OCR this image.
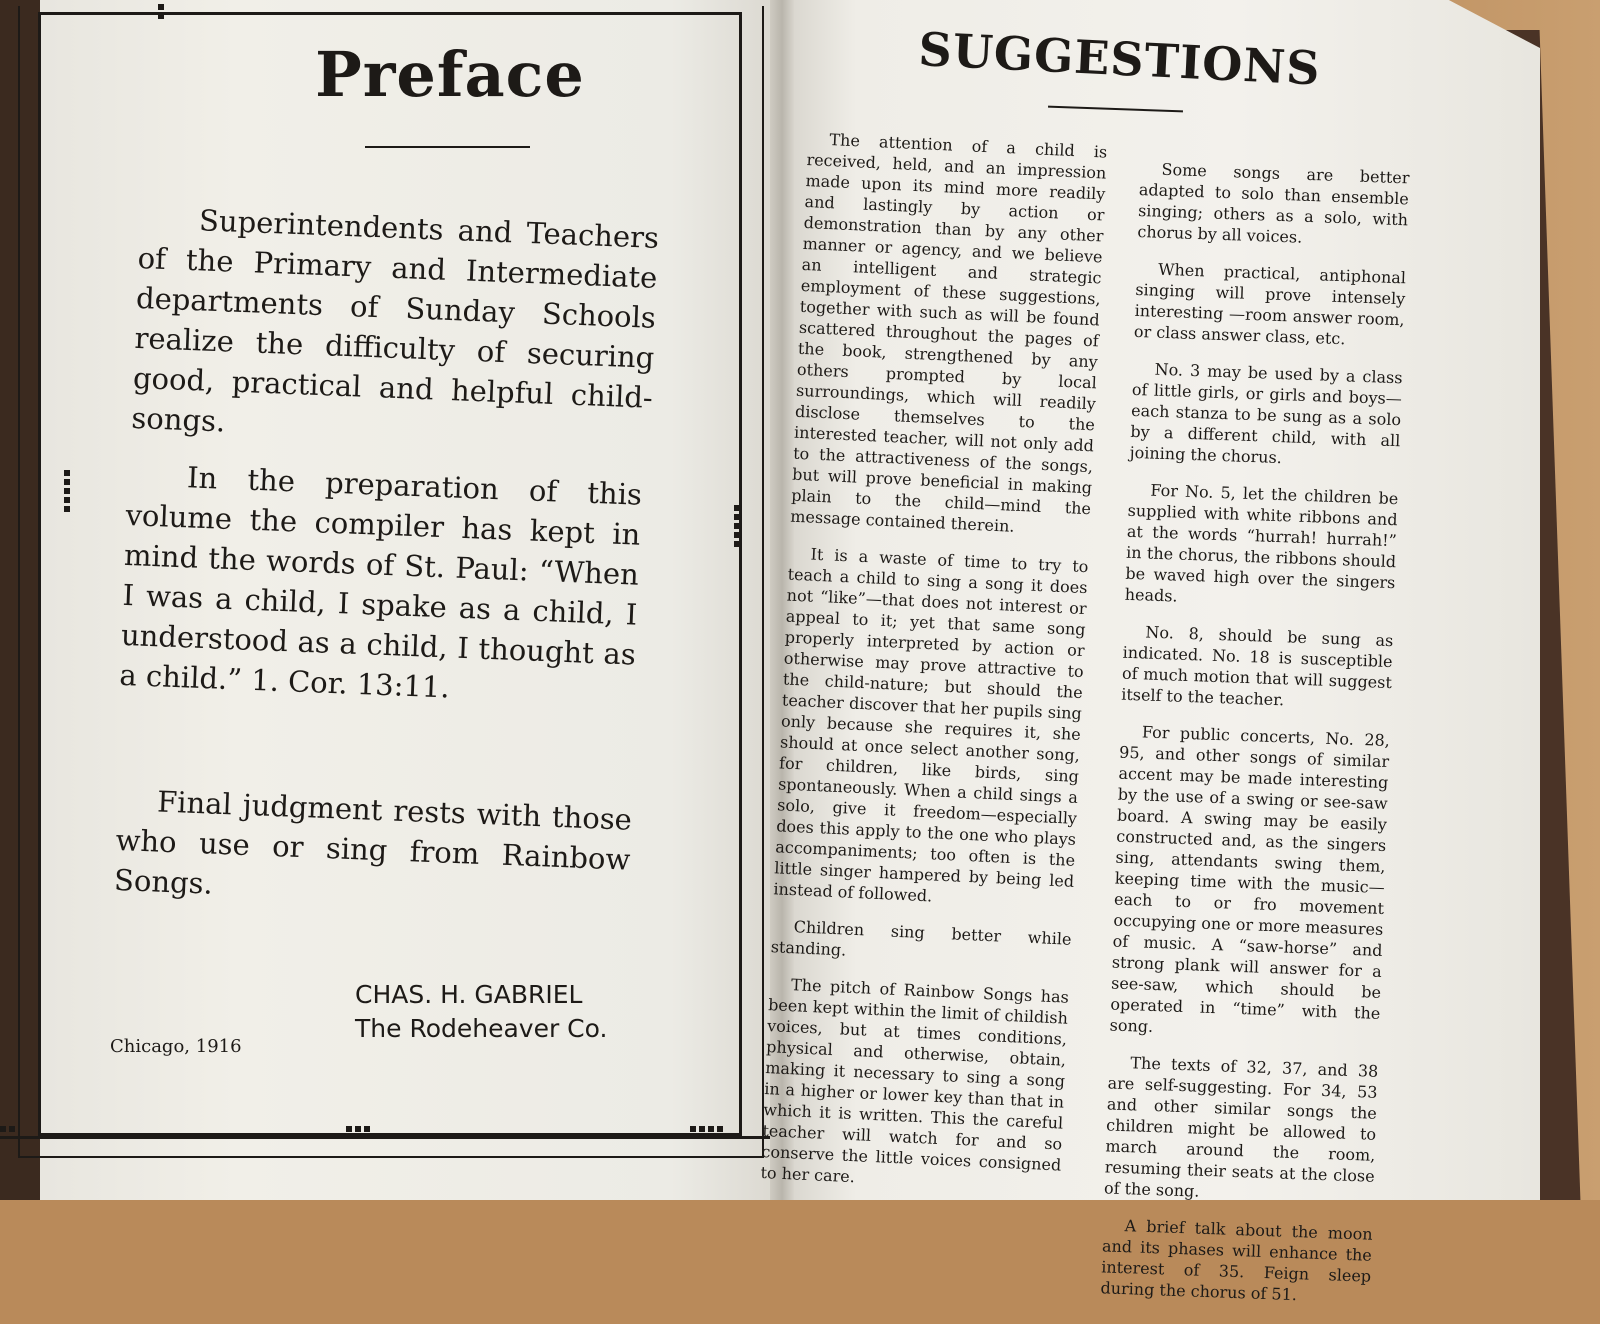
Preface
Superintendents and Teachers of the Primary and Intermediate departments of Sunday Schools realize the difficulty of securing good, practical and helpful child-songs.
In the preparation of this volume the compiler has kept in mind the words of St. Paul: “When I was a child, I spake as a child, I understood as a child, I thought as a child.” 1. Cor. 13:11.
Final judgment rests with those who use or sing from Rainbow Songs.
CHAS. H. GABRIEL
The Rodeheaver Co.
Chicago, 1916
SUGGESTIONS

The attention of a child is received, held, and an impression made upon its mind more readily and lastingly by action or demonstration than by any other manner or agency, and we believe an intelligent and strategic employment of these suggestions, together with such as will be found scattered throughout the pages of the book, strengthened by any others prompted by local surroundings, which will readily disclose themselves to the interested teacher, will not only add to the attractiveness of the songs, but will prove beneficial in making plain to the child—mind the message contained therein.

It is a waste of time to try to teach a child to sing a song it does not “like”—that does not interest or appeal to it; yet that same song properly interpreted by action or otherwise may prove attractive to the child-nature; but should the teacher discover that her pupils sing only because she requires it, she should at once select another song, for children, like birds, sing spontaneously. When a child sings a solo, give it freedom—especially does this apply to the one who plays accompaniments; too often is the little singer hampered by being led instead of followed.

Children sing better while standing.

The pitch of Rainbow Songs has been kept within the limit of childish voices, but at times conditions, physical and otherwise, obtain, making it necessary to sing a song in a higher or lower key than that in which it is written. This the careful teacher will watch for and so conserve the little voices consigned to her care.

Some songs are better adapted to solo than ensemble singing; others as a solo, with chorus by all voices.

When practical, antiphonal singing will prove intensely interesting —room answer room, or class answer class, etc.

No. 3 may be used by a class of little girls, or girls and boys—each stanza to be sung as a solo by a different child, with all joining the chorus.

For No. 5, let the children be supplied with white ribbons and at the words “hurrah! hurrah!” in the chorus, the ribbons should be waved high over the singers heads.

No. 8, should be sung as indicated. No. 18 is susceptible of much motion that will suggest itself to the teacher.

For public concerts, No. 28, 95, and other songs of similar accent may be made interesting by the use of a swing or see-saw board. A swing may be easily constructed and, as the singers sing, attendants swing them, keeping time with the music—each to or fro movement occupying one or more measures of music. A “saw-horse” and strong plank will answer for a see-saw, which should be operated in “time” with the song.

The texts of 32, 37, and 38 are self-suggesting. For 34, 53 and other similar songs the children might be allowed to march around the room, resuming their seats at the close of the song.

A brief talk about the moon and its phases will enhance the interest of 35. Feign sleep during the chorus of 51.
